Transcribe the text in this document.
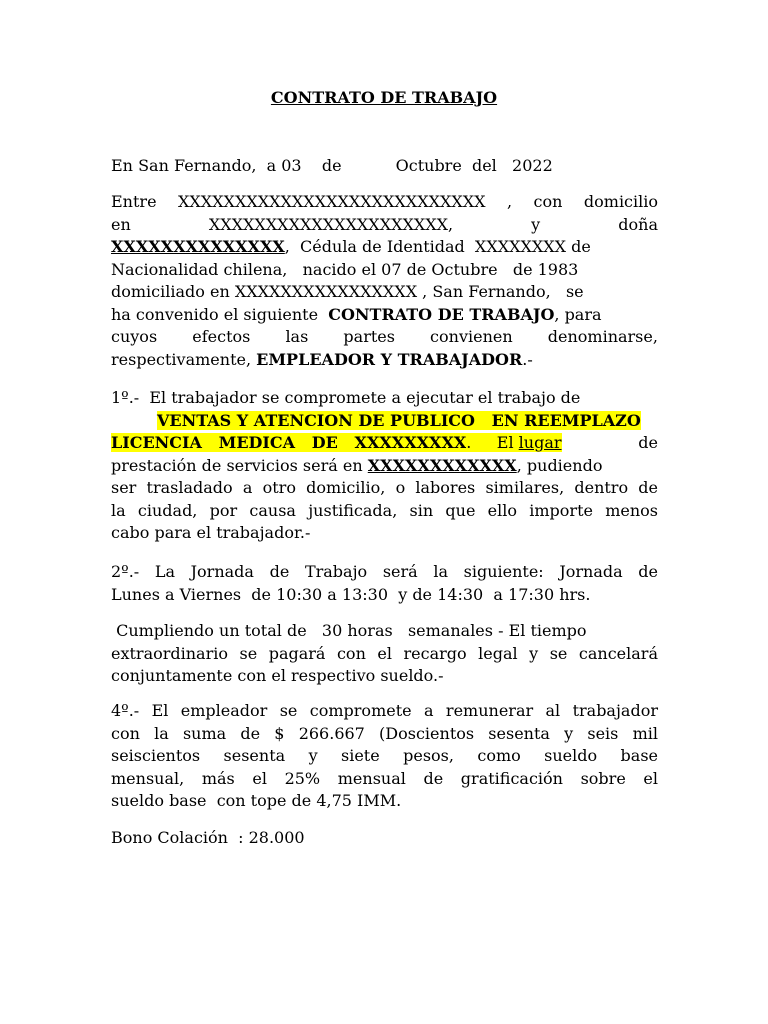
CONTRATO DE TRABAJO
En San Fernando,  a 03    de	Octubre  del   2022
Entre XXXXXXXXXXXXXXXXXXXXXXXXXXX , con domicilio
en	XXXXXXXXXXXXXXXXXXXXX,	y	doña
XXXXXXXXXXXXXX,  Cédula de Identidad  XXXXXXXX de
Nacionalidad chilena,   nacido el 07 de Octubre   de 1983
domiciliado en XXXXXXXXXXXXXXXX , San Fernando,   se
ha convenido el siguiente  CONTRATO DE TRABAJO, para
cuyos efectos las partes convienen denominarse,
respectivamente, EMPLEADOR Y TRABAJADOR.-
1º.-  El trabajador se compromete a ejecutar el trabajo de
VENTAS Y ATENCION DE PUBLICO   EN REEMPLAZO
LICENCIA   MEDICA   DE   XXXXXXXXX.     El lugar	de
prestación de servicios será en XXXXXXXXXXXX, pudiendo
ser trasladado a otro domicilio, o labores similares, dentro de
la ciudad, por causa justificada, sin que ello importe menos
cabo para el trabajador.-
2º.- La Jornada de Trabajo será la siguiente: Jornada de
Lunes a Viernes  de 10:30 a 13:30  y de 14:30  a 17:30 hrs.
Cumpliendo un total de   30 horas   semanales - El tiempo
extraordinario se pagará con el recargo legal y se cancelará
conjuntamente con el respectivo sueldo.-
4º.- El empleador se compromete a remunerar al trabajador
con la suma de $ 266.667 (Doscientos sesenta y seis mil
seiscientos sesenta y siete pesos, como sueldo base
mensual, más el 25% mensual de gratificación sobre el
sueldo base  con tope de 4,75 IMM.
Bono Colación  : 28.000
